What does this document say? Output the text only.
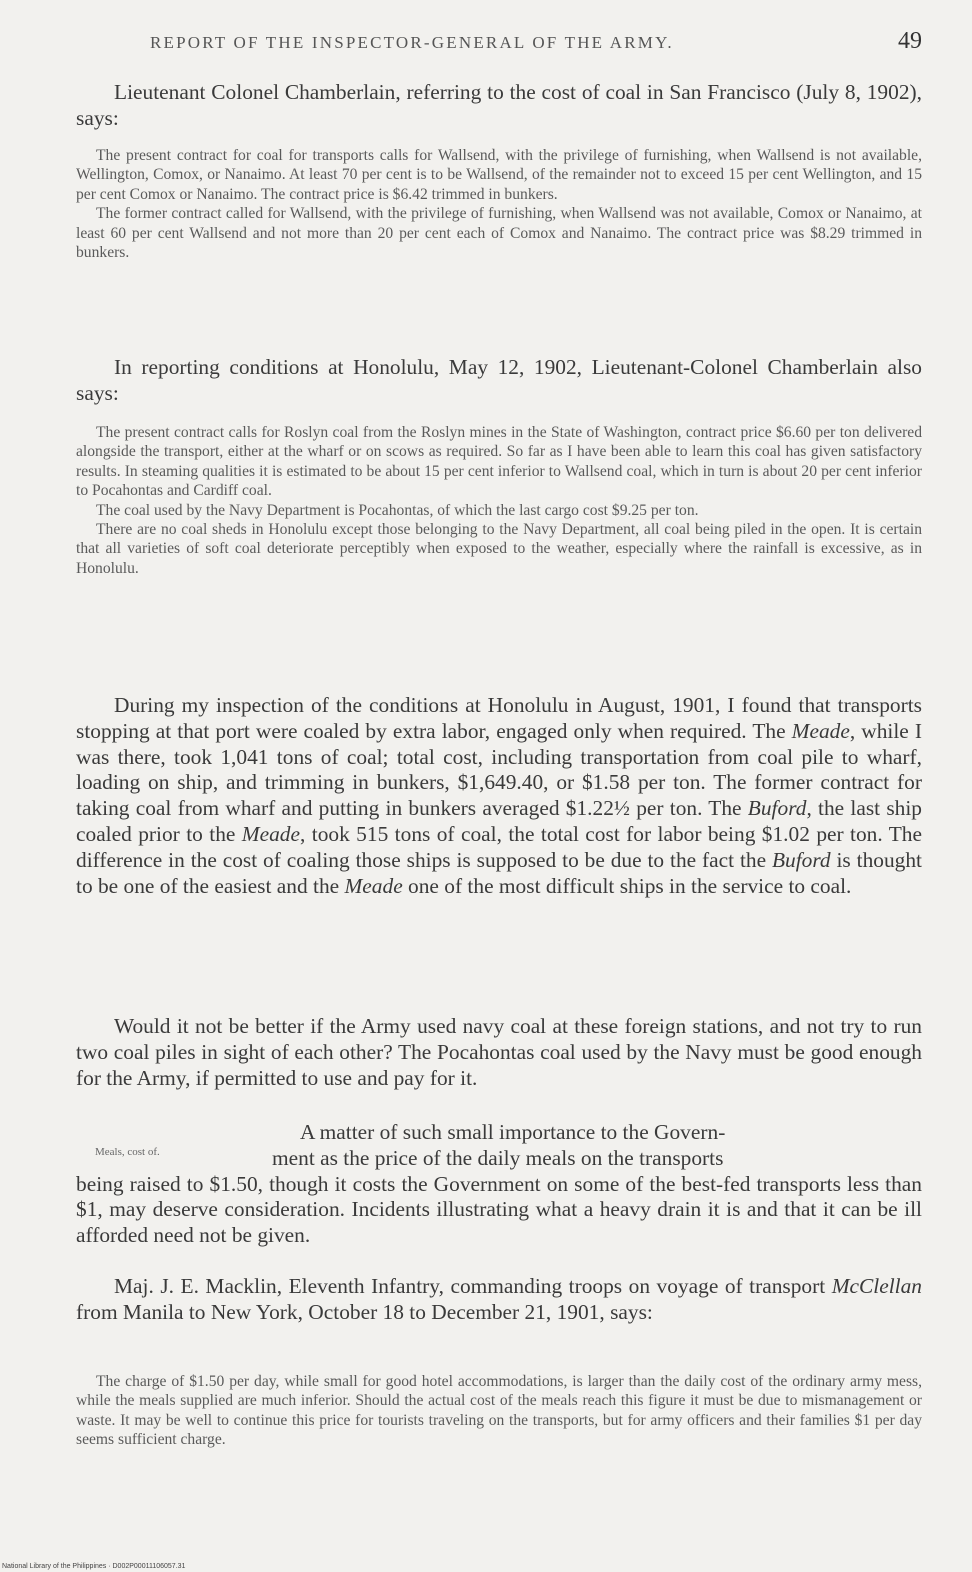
REPORT OF THE INSPECTOR-GENERAL OF THE ARMY.	49

Lieutenant Colonel Chamberlain, referring to the cost of coal in San Francisco (July 8, 1902), says:

The present contract for coal for transports calls for Wallsend, with the privilege of furnishing, when Wallsend is not available, Wellington, Comox, or Nanaimo. At least 70 per cent is to be Wallsend, of the remainder not to exceed 15 per cent Wellington, and 15 per cent Comox or Nanaimo. The contract price is $6.42 trimmed in bunkers.

The former contract called for Wallsend, with the privilege of furnishing, when Wallsend was not available, Comox or Nanaimo, at least 60 per cent Wallsend and not more than 20 per cent each of Comox and Nanaimo. The contract price was $8.29 trimmed in bunkers.

In reporting conditions at Honolulu, May 12, 1902, Lieutenant-Colonel Chamberlain also says:

The present contract calls for Roslyn coal from the Roslyn mines in the State of Washington, contract price $6.60 per ton delivered alongside the transport, either at the wharf or on scows as required. So far as I have been able to learn this coal has given satisfactory results. In steaming qualities it is estimated to be about 15 per cent inferior to Wallsend coal, which in turn is about 20 per cent inferior to Pocahontas and Cardiff coal.

The coal used by the Navy Department is Pocahontas, of which the last cargo cost $9.25 per ton.

There are no coal sheds in Honolulu except those belonging to the Navy Department, all coal being piled in the open. It is certain that all varieties of soft coal deteriorate perceptibly when exposed to the weather, especially where the rainfall is excessive, as in Honolulu.

During my inspection of the conditions at Honolulu in August, 1901, I found that transports stopping at that port were coaled by extra labor, engaged only when required. The Meade, while I was there, took 1,041 tons of coal; total cost, including transportation from coal pile to wharf, loading on ship, and trimming in bunkers, $1,649.40, or $1.58 per ton. The former contract for taking coal from wharf and putting in bunkers averaged $1.22½ per ton. The Buford, the last ship coaled prior to the Meade, took 515 tons of coal, the total cost for labor being $1.02 per ton. The difference in the cost of coaling those ships is supposed to be due to the fact the Buford is thought to be one of the easiest and the Meade one of the most difficult ships in the service to coal.

Would it not be better if the Army used navy coal at these foreign stations, and not try to run two coal piles in sight of each other? The Pocahontas coal used by the Navy must be good enough for the Army, if permitted to use and pay for it.

Meals, cost of.

A matter of such small importance to the Govern-

ment as the price of the daily meals on the transports

being raised to $1.50, though it costs the Government on some of the best-fed transports less than $1, may deserve consideration. Incidents illustrating what a heavy drain it is and that it can be ill afforded need not be given.

Maj. J. E. Macklin, Eleventh Infantry, commanding troops on voyage of transport McClellan from Manila to New York, October 18 to December 21, 1901, says:

The charge of $1.50 per day, while small for good hotel accommodations, is larger than the daily cost of the ordinary army mess, while the meals supplied are much inferior. Should the actual cost of the meals reach this figure it must be due to mismanagement or waste. It may be well to continue this price for tourists traveling on the transports, but for army officers and their families $1 per day seems sufficient charge.

National Library of the Philippines · D002P00011106057.31
